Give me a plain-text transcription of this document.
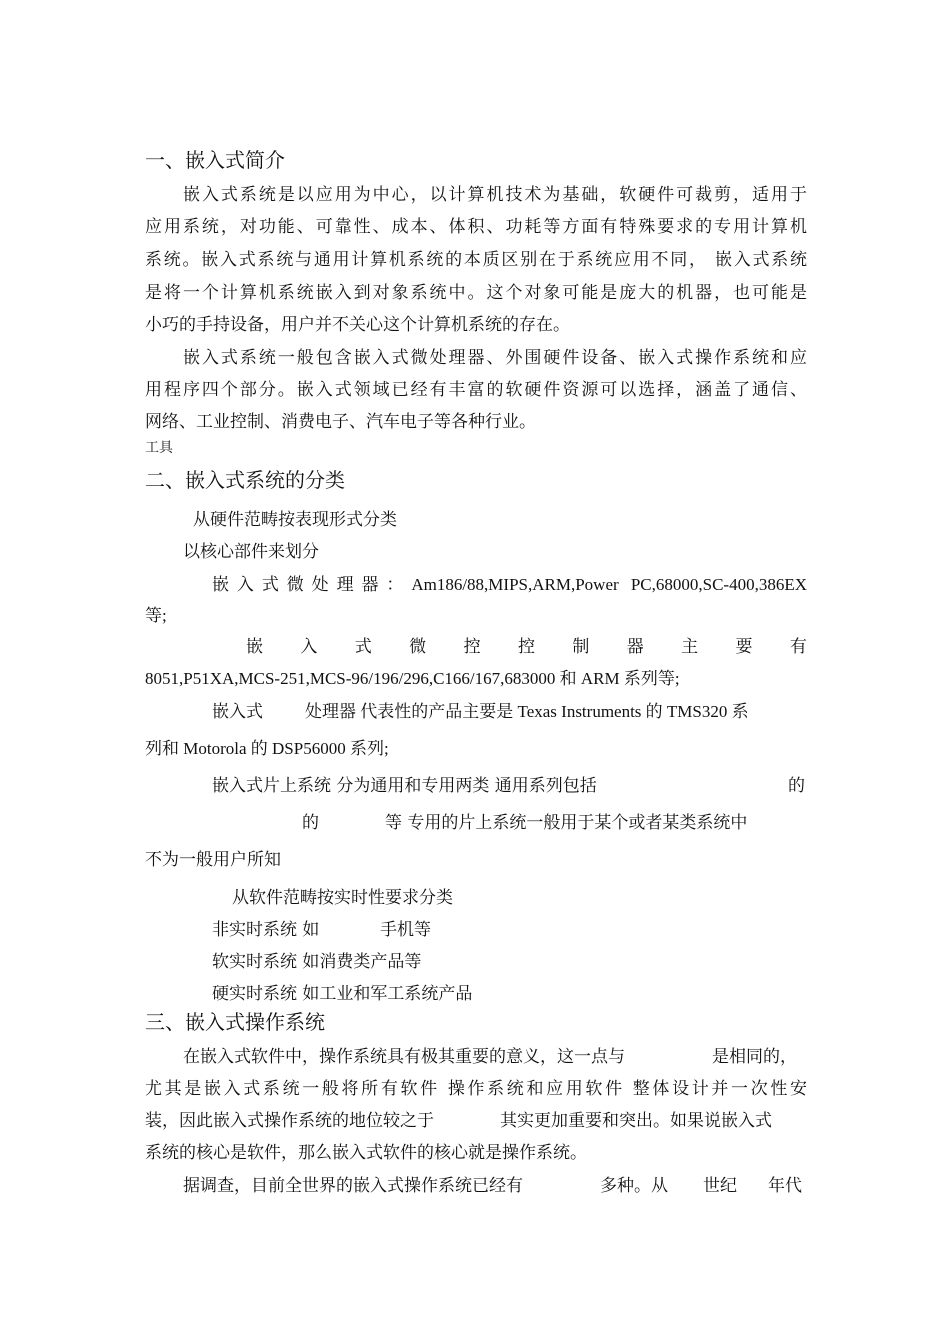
一、嵌入式简介
嵌入式系统是以应用为中心，以计算机技术为基础，软硬件可裁剪，适用于
应用系统，对功能、可靠性、成本、体积、功耗等方面有特殊要求的专用计算机
系统。嵌入式系统与通用计算机系统的本质区别在于系统应用不同， 嵌入式系统
是将一个计算机系统嵌入到对象系统中。这个对象可能是庞大的机器，也可能是
小巧的手持设备，用户并不关心这个计算机系统的存在。
嵌入式系统一般包含嵌入式微处理器、外围硬件设备、嵌入式操作系统和应
用程序四个部分。嵌入式领域已经有丰富的软硬件资源可以选择，涵盖了通信、
网络、工业控制、消费电子、汽车电子等各种行业。
工具
二、嵌入式系统的分类
从硬件范畴按表现形式分类
以核心部件来划分
嵌入式微处理器：Am186/88,MIPS,ARM,Power PC,68000,SC-400,386EX
等;
嵌 入 式 微 控 控 制 器 主 要 有
8051,P51XA,MCS-251,MCS-96/196/296,C166/167,683000 和 ARM 系列等;
嵌入式 处理器 代表性的产品主要是 Texas Instruments 的 TMS320 系
列和 Motorola 的 DSP56000 系列;
嵌入式片上系统 分为通用和专用两类 通用系列包括	的
的	等 专用的片上系统一般用于某个或者某类系统中
不为一般用户所知
从软件范畴按实时性要求分类
非实时系统 如	手机等
软实时系统 如消费类产品等
硬实时系统 如工业和军工系统产品
三、嵌入式操作系统
在嵌入式软件中，操作系统具有极其重要的意义，这一点与	是相同的，
尤其是嵌入式系统一般将所有软件 操作系统和应用软件 整体设计并一次性安
装，因此嵌入式操作系统的地位较之于	其实更加重要和突出。如果说嵌入式
系统的核心是软件，那么嵌入式软件的核心就是操作系统。
据调查，目前全世界的嵌入式操作系统已经有	多种。从 世纪 年代
